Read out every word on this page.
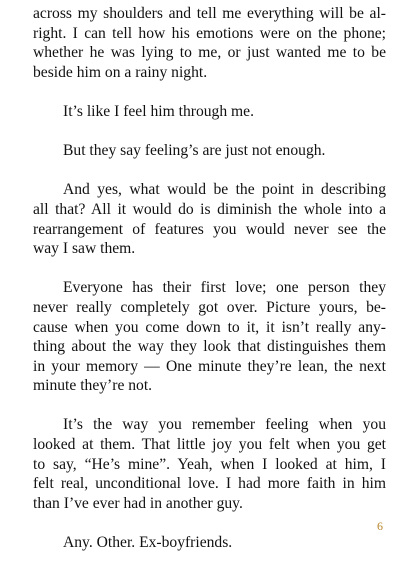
across my shoulders and tell me everything will be al-
right. I can tell how his emotions were on the phone;
whether he was lying to me, or just wanted me to be
beside him on a rainy night.
It’s like I feel him through me.
But they say feeling’s are just not enough.
And yes, what would be the point in describing
all that? All it would do is diminish the whole into a
rearrangement of features you would never see the
way I saw them.
Everyone has their first love; one person they
never really completely got over. Picture yours, be-
cause when you come down to it, it isn’t really any-
thing about the way they look that distinguishes them
in your memory — One minute they’re lean, the next
minute they’re not.
It’s the way you remember feeling when you
looked at them. That little joy you felt when you get
to say, “He’s mine”. Yeah, when I looked at him, I
felt real, unconditional love. I had more faith in him
than I’ve ever had in another guy.
Any. Other. Ex-boyfriends.
6
